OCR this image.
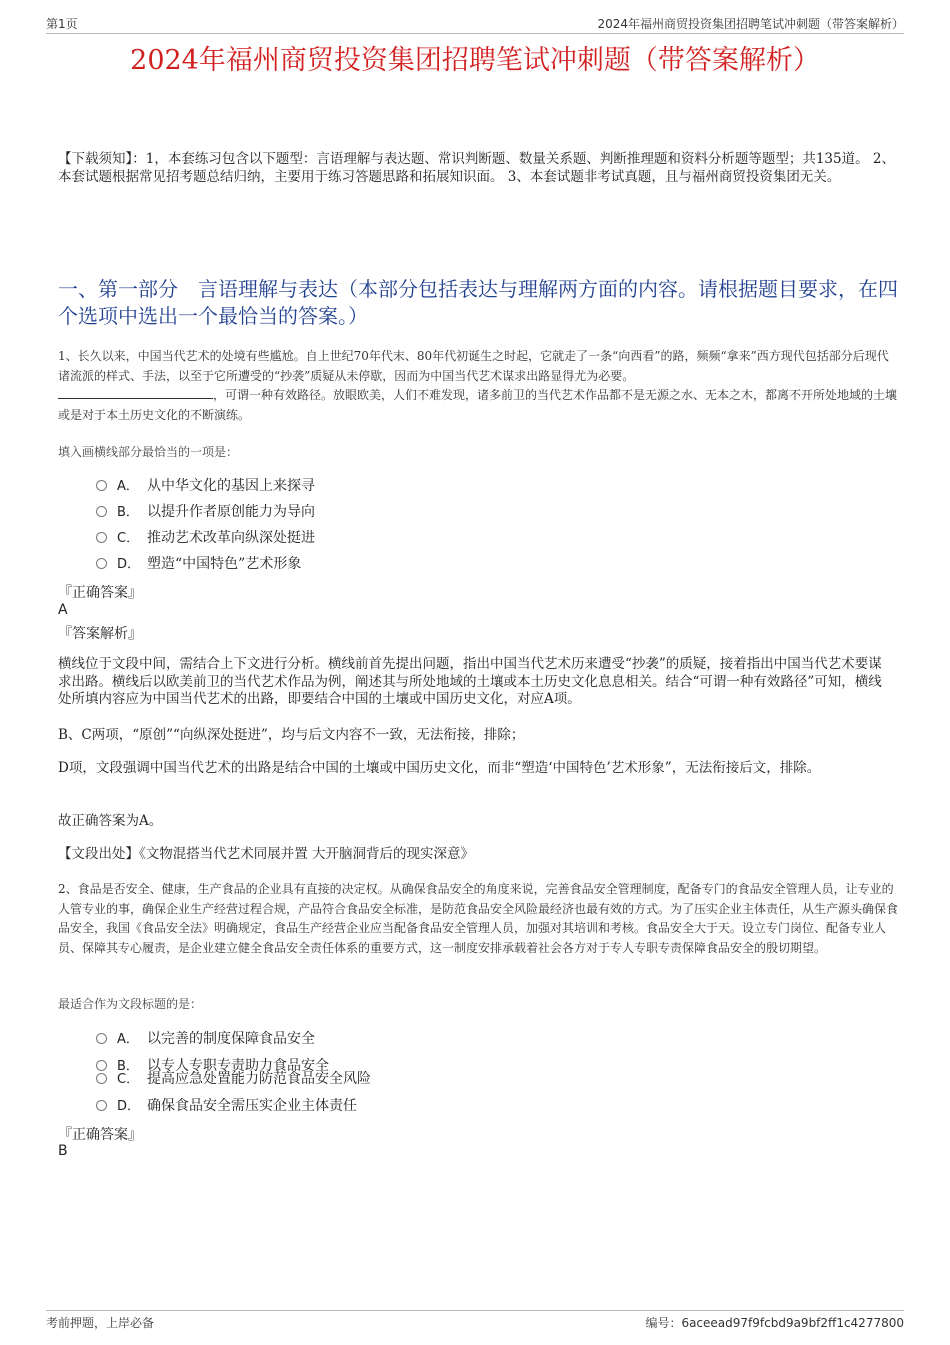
第1页	2024年福州商贸投资集团招聘笔试冲刺题（带答案解析）
2024年福州商贸投资集团招聘笔试冲刺题（带答案解析）
【下载须知】：1，本套练习包含以下题型：言语理解与表达题、常识判断题、数量关系题、判断推理题和资料分析题等题型；共135道。 2、本套试题根据常见招考题总结归纳，主要用于练习答题思路和拓展知识面。 3、本套试题非考试真题，且与福州商贸投资集团无关。
一、第一部分　言语理解与表达（本部分包括表达与理解两方面的内容。请根据题目要求，在四个选项中选出一个最恰当的答案。）
1、长久以来，中国当代艺术的处境有些尴尬。自上世纪70年代末、80年代初诞生之时起，它就走了一条“向西看”的路，频频“拿来”西方现代包括部分后现代诸流派的样式、手法，以至于它所遭受的“抄袭”质疑从未停歇，因而为中国当代艺术谋求出路显得尤为必要。
，可谓一种有效路径。放眼欧美，人们不难发现，诸多前卫的当代艺术作品都不是无源之水、无本之木，都离不开所处地域的土壤或是对于本土历史文化的不断演练。
填入画横线部分最恰当的一项是：
A． 从中华文化的基因上来探寻
B． 以提升作者原创能力为导向
C． 推动艺术改革向纵深处挺进
D． 塑造“中国特色”艺术形象
『正确答案』
A
『答案解析』
横线位于文段中间，需结合上下文进行分析。横线前首先提出问题，指出中国当代艺术历来遭受“抄袭”的质疑，接着指出中国当代艺术要谋求出路。横线后以欧美前卫的当代艺术作品为例，阐述其与所处地域的土壤或本土历史文化息息相关。结合“可谓一种有效路径”可知，横线处所填内容应为中国当代艺术的出路，即要结合中国的土壤或中国历史文化，对应A项。
B、C两项，“原创”“向纵深处挺进”，均与后文内容不一致，无法衔接，排除；
D项，文段强调中国当代艺术的出路是结合中国的土壤或中国历史文化，而非“塑造‘中国特色’艺术形象”，无法衔接后文，排除。
故正确答案为A。
【文段出处】《文物混搭当代艺术同展并置 大开脑洞背后的现实深意》
2、食品是否安全、健康，生产食品的企业具有直接的决定权。从确保食品安全的角度来说，完善食品安全管理制度，配备专门的食品安全管理人员，让专业的人管专业的事，确保企业生产经营过程合规，产品符合食品安全标准，是防范食品安全风险最经济也最有效的方式。为了压实企业主体责任，从生产源头确保食品安全，我国《食品安全法》明确规定，食品生产经营企业应当配备食品安全管理人员，加强对其培训和考核。食品安全大于天。设立专门岗位、配备专业人员、保障其专心履责，是企业建立健全食品安全责任体系的重要方式，这一制度安排承载着社会各方对于专人专职专责保障食品安全的殷切期望。
最适合作为文段标题的是：
A． 以完善的制度保障食品安全
B． 以专人专职专责助力食品安全
C． 提高应急处置能力防范食品安全风险
D． 确保食品安全需压实企业主体责任
『正确答案』
B
考前押题，上岸必备	编号：6aceead97f9fcbd9a9bf2ff1c4277800
